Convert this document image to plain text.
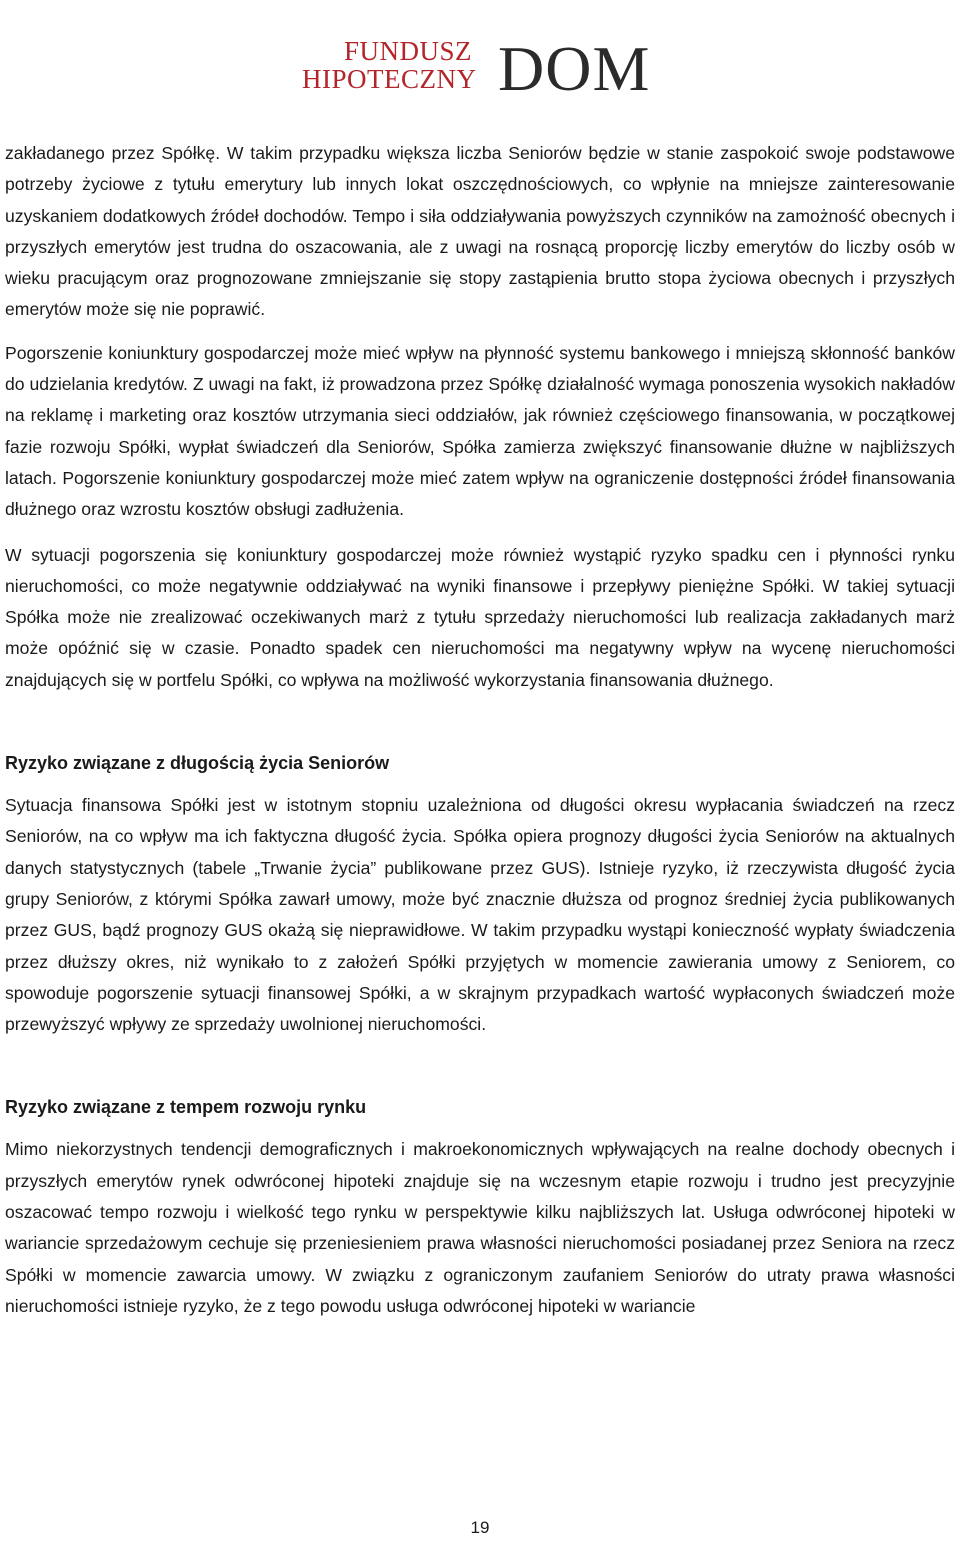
FUNDUSZ
HIPOTECZNY DOM

zakładanego przez Spółkę. W takim przypadku większa liczba Seniorów będzie w stanie zaspokoić swoje podstawowe potrzeby życiowe z tytułu emerytury lub innych lokat oszczędnościowych, co wpłynie na mniejsze zainteresowanie uzyskaniem dodatkowych źródeł dochodów. Tempo i siła oddziaływania powyższych czynników na zamożność obecnych i przyszłych emerytów jest trudna do oszacowania, ale z uwagi na rosnącą proporcję liczby emerytów do liczby osób w wieku pracującym oraz prognozowane zmniejszanie się stopy zastąpienia brutto stopa życiowa obecnych i przyszłych emerytów może się nie poprawić.

Pogorszenie koniunktury gospodarczej może mieć wpływ na płynność systemu bankowego i mniejszą skłonność banków do udzielania kredytów. Z uwagi na fakt, iż prowadzona przez Spółkę działalność wymaga ponoszenia wysokich nakładów na reklamę i marketing oraz kosztów utrzymania sieci oddziałów, jak również częściowego finansowania, w początkowej fazie rozwoju Spółki, wypłat świadczeń dla Seniorów, Spółka zamierza zwiększyć finansowanie dłużne w najbliższych latach. Pogorszenie koniunktury gospodarczej może mieć zatem wpływ na ograniczenie dostępności źródeł finansowania dłużnego oraz wzrostu kosztów obsługi zadłużenia.

W sytuacji pogorszenia się koniunktury gospodarczej może również wystąpić ryzyko spadku cen i płynności rynku nieruchomości, co może negatywnie oddziaływać na wyniki finansowe i przepływy pieniężne Spółki. W takiej sytuacji Spółka może nie zrealizować oczekiwanych marż z tytułu sprzedaży nieruchomości lub realizacja zakładanych marż może opóźnić się w czasie. Ponadto spadek cen nieruchomości ma negatywny wpływ na wycenę nieruchomości znajdujących się w portfelu Spółki, co wpływa na możliwość wykorzystania finansowania dłużnego.

Ryzyko związane z długością życia Seniorów

Sytuacja finansowa Spółki jest w istotnym stopniu uzależniona od długości okresu wypłacania świadczeń na rzecz Seniorów, na co wpływ ma ich faktyczna długość życia. Spółka opiera prognozy długości życia Seniorów na aktualnych danych statystycznych (tabele „Trwanie życia” publikowane przez GUS). Istnieje ryzyko, iż rzeczywista długość życia grupy Seniorów, z którymi Spółka zawarł umowy, może być znacznie dłuższa od prognoz średniej życia publikowanych przez GUS, bądź prognozy GUS okażą się nieprawidłowe. W takim przypadku wystąpi konieczność wypłaty świadczenia przez dłuższy okres, niż wynikało to z założeń Spółki przyjętych w momencie zawierania umowy z Seniorem, co spowoduje pogorszenie sytuacji finansowej Spółki, a w skrajnym przypadkach wartość wypłaconych świadczeń może przewyższyć wpływy ze sprzedaży uwolnionej nieruchomości.

Ryzyko związane z tempem rozwoju rynku

Mimo niekorzystnych tendencji demograficznych i makroekonomicznych wpływających na realne dochody obecnych i przyszłych emerytów rynek odwróconej hipoteki znajduje się na wczesnym etapie rozwoju i trudno jest precyzyjnie oszacować tempo rozwoju i wielkość tego rynku w perspektywie kilku najbliższych lat. Usługa odwróconej hipoteki w wariancie sprzedażowym cechuje się przeniesieniem prawa własności nieruchomości posiadanej przez Seniora na rzecz Spółki w momencie zawarcia umowy. W związku z ograniczonym zaufaniem Seniorów do utraty prawa własności nieruchomości istnieje ryzyko, że z tego powodu usługa odwróconej hipoteki w wariancie

19
